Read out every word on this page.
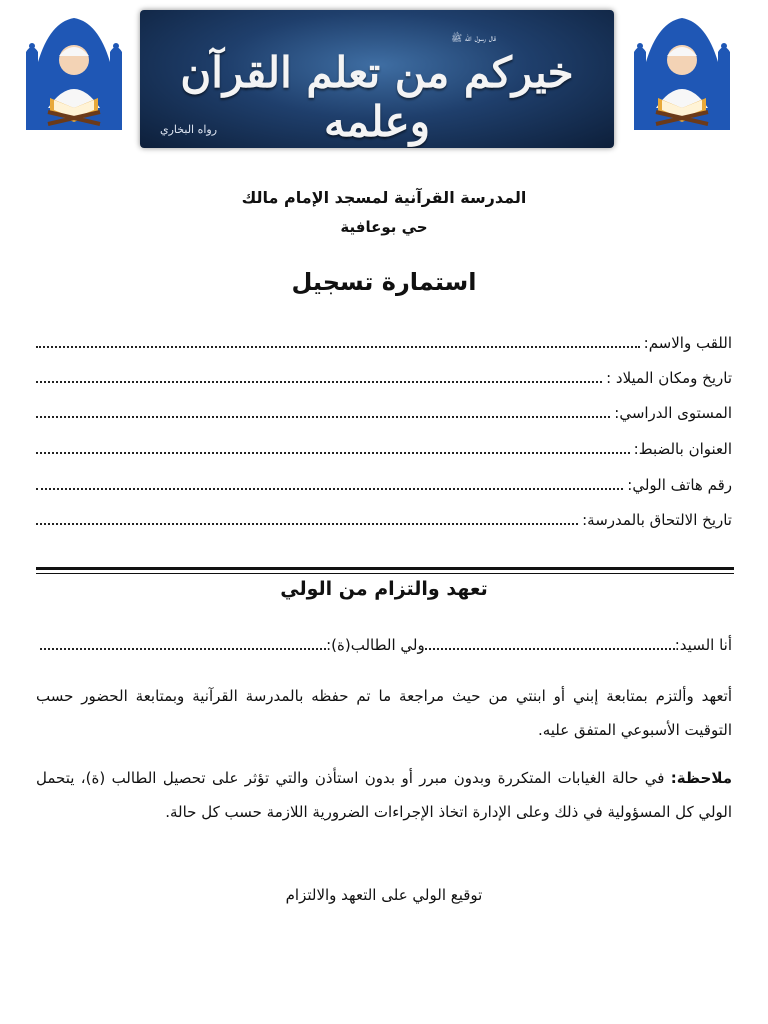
قال رسول الله ﷺ
خيركم من تعلم القرآن وعلمه
رواه البخاري
المدرسة القرآنية لمسجد الإمام مالك
حي بوعافية
استمارة تسجيل
اللقب والاسم:
تاريخ ومكان الميلاد :
المستوى الدراسي:
العنوان بالضبط:
رقم هاتف الولي:
تاريخ الالتحاق بالمدرسة:
تعهد والتزام من الولي
أنا السيد:
ولي الطالب(ة):
أتعهد وألتزم بمتابعة إبني أو ابنتي من حيث مراجعة ما تم حفظه بالمدرسة القرآنية وبمتابعة الحضور حسب التوقيت الأسبوعي المتفق عليه.
ملاحظة: في حالة الغيابات المتكررة وبدون مبرر أو بدون استأذن والتي تؤثر على تحصيل الطالب (ة)، يتحمل الولي كل المسؤولية في ذلك وعلى الإدارة اتخاذ الإجراءات الضرورية اللازمة حسب كل حالة.
توقيع الولي على التعهد والالتزام
